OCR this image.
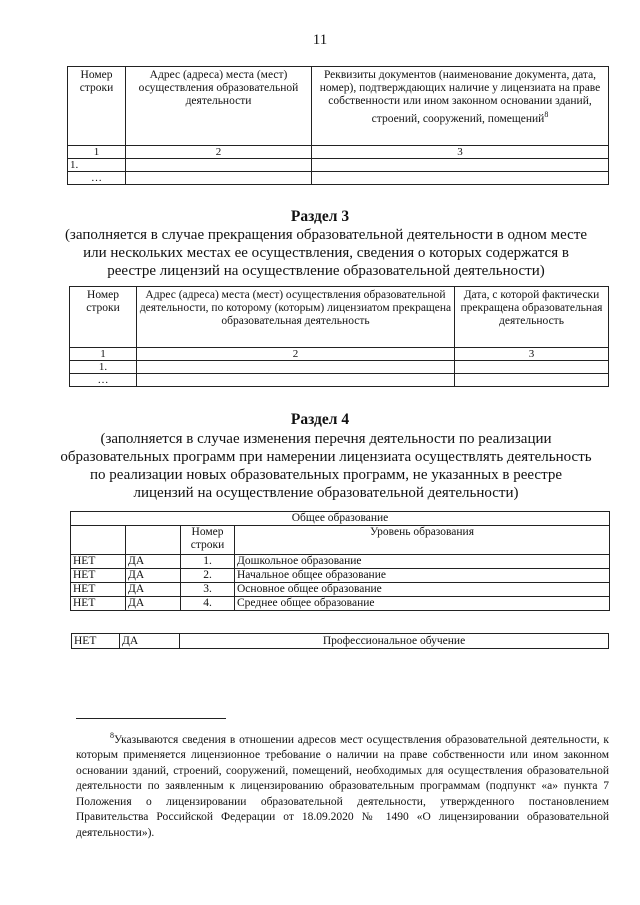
11
Номер строки	Адрес (адреса) места (мест) осуществления образовательной деятельности	Реквизиты документов (наименование документа, дата, номер), подтверждающих наличие у лицензиата на праве собственности или ином законном основании зданий, строений, сооружений, помещений$^8$
1	2	3
1.		
…		
Раздел 3
(заполняется в случае прекращения образовательной деятельности в одном месте или нескольких местах ее осуществления, сведения о которых содержатся в реестре лицензий на осуществление образовательной деятельности)
Номер строки	Адрес (адреса) места (мест) осуществления образовательной деятельности, по которому (которым) лицензиатом прекращена образовательная деятельность	Дата, с которой фактически прекращена образовательная деятельность
1	2	3
1.		
…		
Раздел 4
(заполняется в случае изменения перечня деятельности по реализации образовательных программ при намерении лицензиата осуществлять деятельность по реализации новых образовательных программ, не указанных в реестре лицензий на осуществление образовательной деятельности)
Общее образование			
		Номер строки	Уровень образования
НЕТ	ДА	1.	Дошкольное образование
НЕТ	ДА	2.	Начальное общее образование
НЕТ	ДА	3.	Основное общее образование
НЕТ	ДА	4.	Среднее общее образование
НЕТ	ДА	Профессиональное обучение
$^8$Указываются сведения в отношении адресов мест осуществления образовательной деятельности, к которым применяется лицензионное требование о наличии на праве собственности или ином законном основании зданий, строений, сооружений, помещений, необходимых для осуществления образовательной деятельности по заявленным к лицензированию образовательным программам (подпункт «а» пункта 7 Положения о лицензировании образовательной деятельности, утвержденного постановлением Правительства Российской Федерации от 18.09.2020 № 1490 «О лицензировании образовательной деятельности»).
